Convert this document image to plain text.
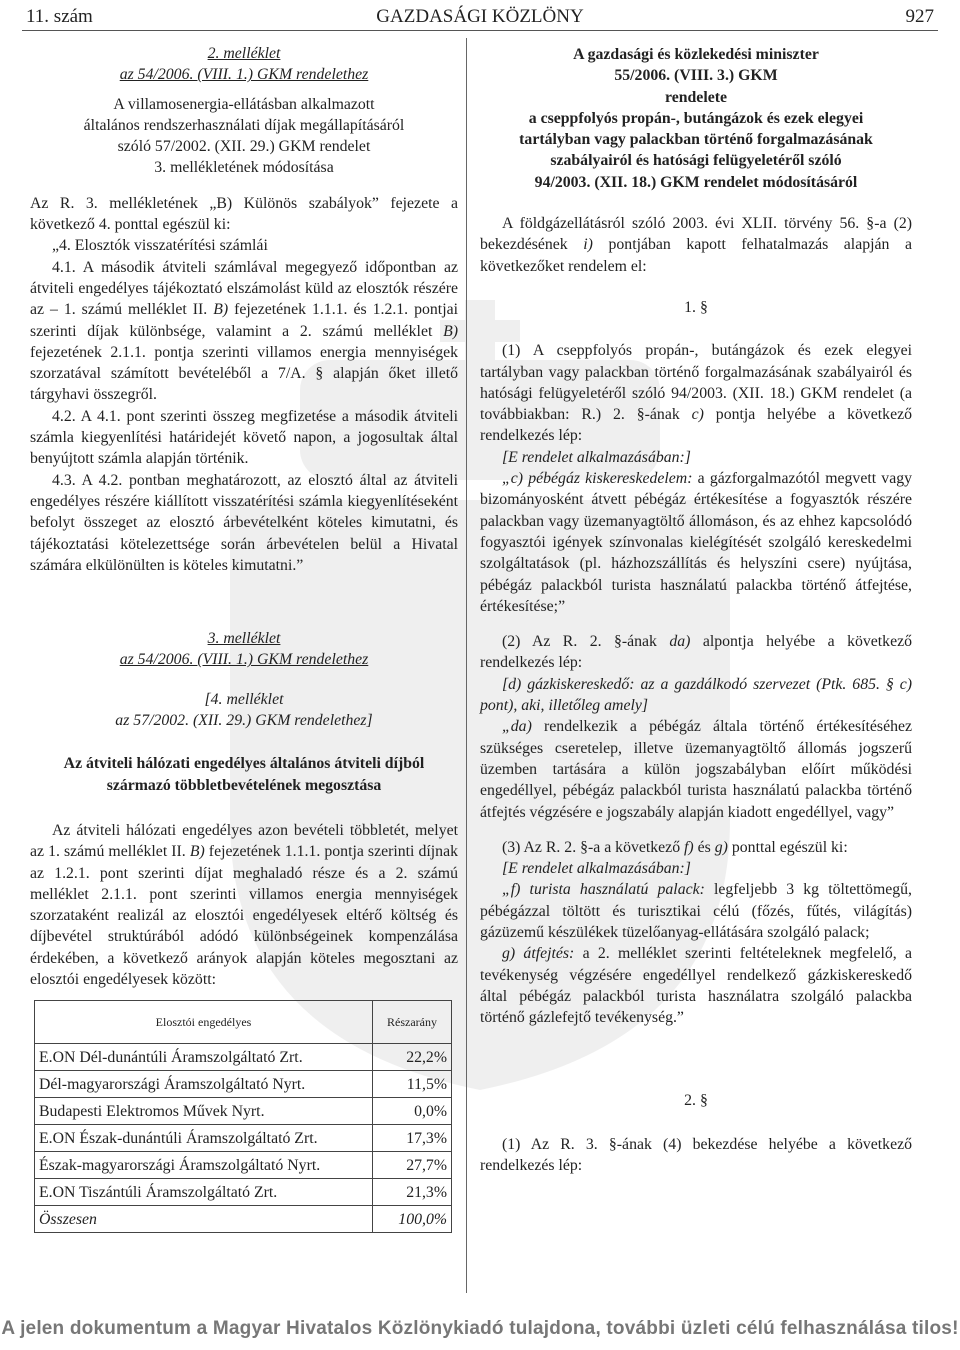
11. szám	GAZDASÁGI KÖZLÖNY	927
2. melléklet
az 54/2006. (VIII. 1.) GKM rendelethez
A villamosenergia-ellátásban alkalmazott
általános rendszerhasználati díjak megállapításáról
szóló 57/2002. (XII. 29.) GKM rendelet
3. mellékletének módosítása

Az R. 3. mellékletének „B) Különös szabályok” fejezete a következő 4. ponttal egészül ki:

„4. Elosztók visszatérítési számlái

4.1. A második átviteli számlával megegyező időpontban az átviteli engedélyes tájékoztató elszámolást küld az elosztók részére az – 1. számú melléklet II. B) fejezetének 1.1.1. és 1.2.1. pontjai szerinti díjak különbsége, valamint a 2. számú melléklet B) fejezetének 2.1.1. pontja szerinti villamos energia mennyiségek szorzatával számított bevételéből a 7/A. § alapján őket illető tárgyhavi összegről.

4.2. A 4.1. pont szerinti összeg megfizetése a második átviteli számla kiegyenlítési határidejét követő napon, a jogosultak által benyújtott számla alapján történik.

4.3. A 4.2. pontban meghatározott, az elosztó által az átviteli engedélyes részére kiállított visszatérítési számla kiegyenlítéseként befolyt összeget az elosztó árbevételként köteles kimutatni, és tájékoztatási kötelezettsége során árbevételen belül a Hivatal számára elkülönülten is köteles kimutatni.”

3. melléklet
az 54/2006. (VIII. 1.) GKM rendelethez
[4. melléklet
az 57/2002. (XII. 29.) GKM rendelethez]
Az átviteli hálózati engedélyes általános átviteli díjból
származó többletbevételének megosztása

Az átviteli hálózati engedélyes azon bevételi többletét, melyet az 1. számú melléklet II. B) fejezetének 1.1.1. pontja szerinti díjnak az 1.2.1. pont szerinti díjat meghaladó része és a 2. számú melléklet 2.1.1. pont szerinti villamos energia mennyiségek szorzataként realizál az elosztói engedélyesek eltérő költség és díjbevétel struktúrából adódó különbségeinek kompenzálása érdekében, a következő arányok alapján köteles megosztani az elosztói engedélyesek között:

Elosztói engedélyes	Részarány
E.ON Dél-dunántúli Áramszolgáltató Zrt.	22,2%
Dél-magyarországi Áramszolgáltató Nyrt.	11,5%
Budapesti Elektromos Művek Nyrt.	0,0%
E.ON Észak-dunántúli Áramszolgáltató Zrt.	17,3%
Észak-magyarországi Áramszolgáltató Nyrt.	27,7%
E.ON Tiszántúli Áramszolgáltató Zrt.	21,3%
Összesen	100,0%
A gazdasági és közlekedési miniszter
55/2006. (VIII. 3.) GKM
rendelete
a cseppfolyós propán-, butángázok és ezek elegyei
tartályban vagy palackban történő forgalmazásának
szabályairól és hatósági felügyeletéről szóló
94/2003. (XII. 18.) GKM rendelet módosításáról

A földgázellátásról szóló 2003. évi XLII. törvény 56. §-a (2) bekezdésének i) pontjában kapott felhatalmazás alapján a következőket rendelem el:

1. §

(1) A cseppfolyós propán-, butángázok és ezek elegyei tartályban vagy palackban történő forgalmazásának szabályairól és hatósági felügyeletéről szóló 94/2003. (XII. 18.) GKM rendelet (a továbbiakban: R.) 2. §-ának c) pontja helyébe a következő rendelkezés lép:

[E rendelet alkalmazásában:]

„c) pébégáz kiskereskedelem: a gázforgalmazótól megvett vagy bizományosként átvett pébégáz értékesítése a fogyasztók részére palackban vagy üzemanyagtöltő állomáson, és az ehhez kapcsolódó fogyasztói igények színvonalas kielégítését szolgáló kereskedelmi szolgáltatások (pl. házhozszállítás és helyszíni csere) nyújtása, pébégáz palackból turista használatú palackba történő átfejtése, értékesítése;”

(2) Az R. 2. §-ának da) alpontja helyébe a következő rendelkezés lép:

[d) gázkiskereskedő: az a gazdálkodó szervezet (Ptk. 685. § c) pont), aki, illetőleg amely]

„da) rendelkezik a pébégáz általa történő értékesítéséhez szükséges cseretelep, illetve üzemanyagtöltő állomás jogszerű üzemben tartására a külön jogszabályban előírt működési engedéllyel, pébégáz palackból turista használatú palackba történő átfejtés végzésére e jogszabály alapján kiadott engedéllyel, vagy”

(3) Az R. 2. §-a a következő f) és g) ponttal egészül ki:

[E rendelet alkalmazásában:]

„f) turista használatú palack: legfeljebb 3 kg töltettömegű, pébégázzal töltött és turisztikai célú (főzés, fűtés, világítás) gázüzemű készülékek tüzelőanyag-ellátására szolgáló palack;

g) átfejtés: a 2. melléklet szerinti feltételeknek megfelelő, a tevékenység végzésére engedéllyel rendelkező gázkiskereskedő által pébégáz palackból turista használatra szolgáló palackba történő gázlefejtő tevékenység.”

2. §

(1) Az R. 3. §-ának (4) bekezdése helyébe a következő rendelkezés lép:

A jelen dokumentum a Magyar Hivatalos Közlönykiadó tulajdona, további üzleti célú felhasználása tilos!
